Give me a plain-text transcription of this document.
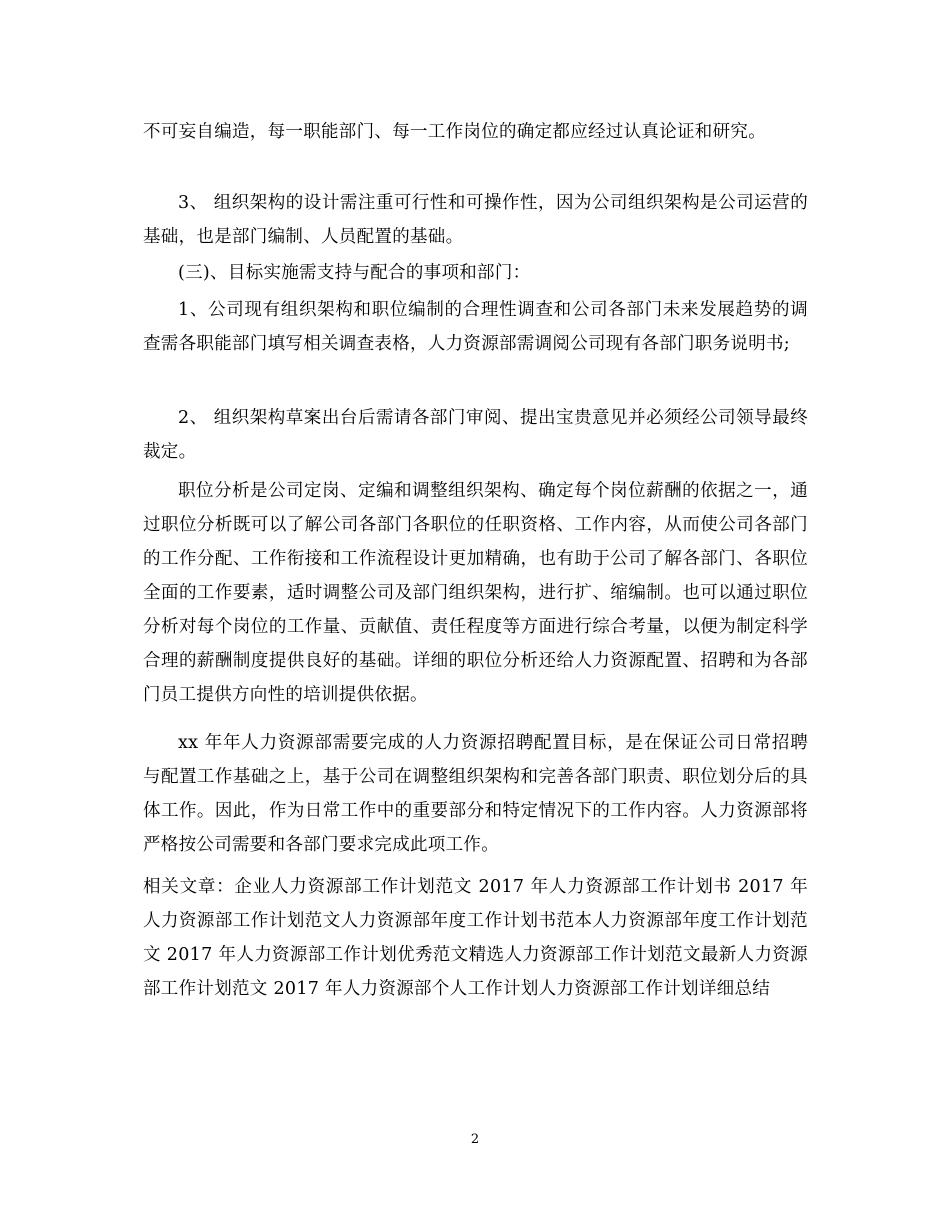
不可妄自编造，每一职能部门、每一工作岗位的确定都应经过认真论证和研究。

3、 组织架构的设计需注重可行性和可操作性，因为公司组织架构是公司运营的基础，也是部门编制、人员配置的基础。

(三)、目标实施需支持与配合的事项和部门：

1、公司现有组织架构和职位编制的合理性调查和公司各部门未来发展趋势的调查需各职能部门填写相关调查表格，人力资源部需调阅公司现有各部门职务说明书;

2、 组织架构草案出台后需请各部门审阅、提出宝贵意见并必须经公司领导最终裁定。

职位分析是公司定岗、定编和调整组织架构、确定每个岗位薪酬的依据之一，通过职位分析既可以了解公司各部门各职位的任职资格、工作内容，从而使公司各部门的工作分配、工作衔接和工作流程设计更加精确，也有助于公司了解各部门、各职位全面的工作要素，适时调整公司及部门组织架构，进行扩、缩编制。也可以通过职位分析对每个岗位的工作量、贡献值、责任程度等方面进行综合考量，以便为制定科学合理的薪酬制度提供良好的基础。详细的职位分析还给人力资源配置、招聘和为各部门员工提供方向性的培训提供依据。

xx 年年人力资源部需要完成的人力资源招聘配置目标，是在保证公司日常招聘与配置工作基础之上，基于公司在调整组织架构和完善各部门职责、职位划分后的具体工作。因此，作为日常工作中的重要部分和特定情况下的工作内容。人力资源部将严格按公司需要和各部门要求完成此项工作。

相关文章：企业人力资源部工作计划范文 2017 年人力资源部工作计划书 2017 年人力资源部工作计划范文人力资源部年度工作计划书范本人力资源部年度工作计划范文 2017 年人力资源部工作计划优秀范文精选人力资源部工作计划范文最新人力资源部工作计划范文 2017 年人力资源部个人工作计划人力资源部工作计划详细总结

2
